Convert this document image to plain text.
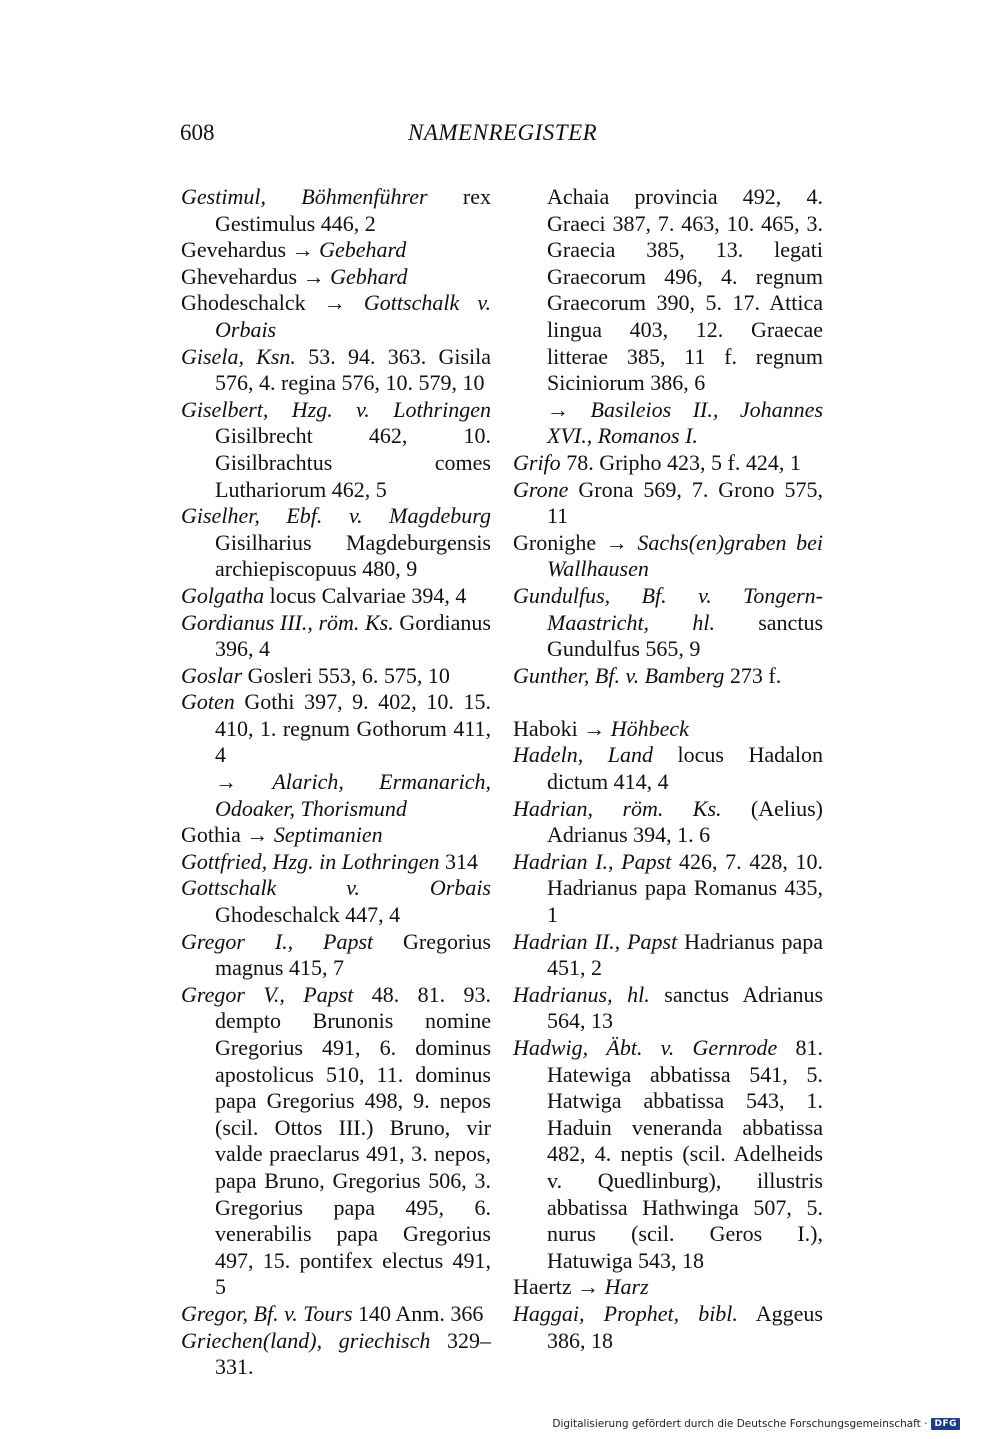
608	NAMENREGISTER

Gestimul, Böhmenführer rex Gestimulus 446, 2

Gevehardus → Gebehard

Ghevehardus → Gebhard

Ghodeschalck → Gottschalk v. Orbais

Gisela, Ksn. 53. 94. 363. Gisila 576, 4. regina 576, 10. 579, 10

Giselbert, Hzg. v. Lothringen Gisilbrecht 462, 10. Gisilbrachtus comes Luthariorum 462, 5

Giselher, Ebf. v. Magdeburg Gisilharius Magdeburgensis archiepiscopuus 480, 9

Golgatha locus Calvariae 394, 4

Gordianus III., röm. Ks. Gordianus 396, 4

Goslar Gosleri 553, 6. 575, 10

Goten Gothi 397, 9. 402, 10. 15. 410, 1. regnum Gothorum 411, 4

→ Alarich, Ermanarich, Odoaker, Thorismund

Gothia → Septimanien

Gottfried, Hzg. in Lothringen 314

Gottschalk v. Orbais Ghodeschalck 447, 4

Gregor I., Papst Gregorius magnus 415, 7

Gregor V., Papst 48. 81. 93. dempto Brunonis nomine Gregorius 491, 6. dominus apostolicus 510, 11. dominus papa Gregorius 498, 9. nepos (scil. Ottos III.) Bruno, vir valde praeclarus 491, 3. nepos, papa Bruno, Gregorius 506, 3. Gregorius papa 495, 6. venerabilis papa Gregorius 497, 15. pontifex electus 491, 5

Gregor, Bf. v. Tours 140 Anm. 366

Griechen(land), griechisch 329–331.

Achaia provincia 492, 4. Graeci 387, 7. 463, 10. 465, 3. Graecia 385, 13. legati Graecorum 496, 4. regnum Graecorum 390, 5. 17. Attica lingua 403, 12. Graecae litterae 385, 11 f. regnum Siciniorum 386, 6

→ Basileios II., Johannes XVI., Romanos I.

Grifo 78. Gripho 423, 5 f. 424, 1

Grone Grona 569, 7. Grono 575, 11

Gronighe → Sachs(en)graben bei Wallhausen

Gundulfus, Bf. v. Tongern-Maastricht, hl. sanctus Gundulfus 565, 9

Gunther, Bf. v. Bamberg 273 f.

Haboki → Höhbeck

Hadeln, Land locus Hadalon dictum 414, 4

Hadrian, röm. Ks. (Aelius) Adrianus 394, 1. 6

Hadrian I., Papst 426, 7. 428, 10. Hadrianus papa Romanus 435, 1

Hadrian II., Papst Hadrianus papa 451, 2

Hadrianus, hl. sanctus Adrianus 564, 13

Hadwig, Äbt. v. Gernrode 81. Hatewiga abbatissa 541, 5. Hatwiga abbatissa 543, 1. Haduin veneranda abbatissa 482, 4. neptis (scil. Adelheids v. Quedlinburg), illustris abbatissa Hathwinga 507, 5. nurus (scil. Geros I.), Hatuwiga 543, 18

Haertz → Harz

Haggai, Prophet, bibl. Aggeus 386, 18

Digitalisierung gefördert durch die Deutsche Forschungsgemeinschaft · DFG
